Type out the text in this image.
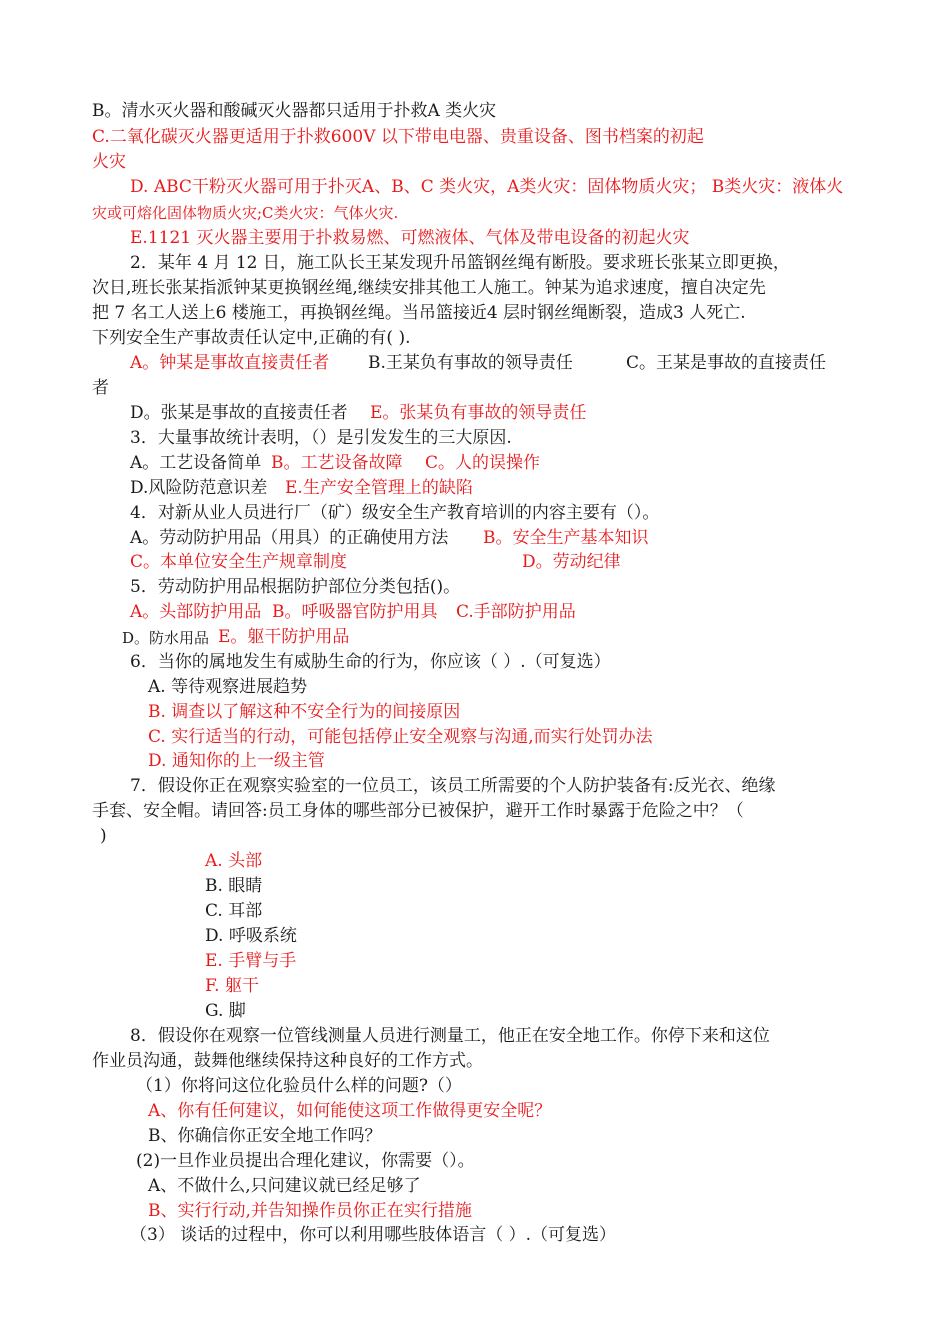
B。清水灭火器和酸碱灭火器都只适用于扑救A 类火灾
C.二氧化碳灭火器更适用于扑救600V 以下带电电器、贵重设备、图书档案的初起
火灾
D. ABC干粉灭火器可用于扑灭A、B、C 类火灾，A类火灾：固体物质火灾； B类火灾：液体火
灾或可熔化固体物质火灾;C类火灾：气体火灾.
E.1121 灭火器主要用于扑救易燃、可燃液体、气体及带电设备的初起火灾
2．某年 4 月 12 日，施工队长王某发现升吊篮钢丝绳有断股。要求班长张某立即更换，
次日,班长张某指派钟某更换钢丝绳,继续安排其他工人施工。钟某为追求速度，擅自决定先
把 7 名工人送上6 楼施工，再换钢丝绳。当吊篮接近4 层时钢丝绳断裂，造成3 人死亡.
下列安全生产事故责任认定中,正确的有( ).
A。钟某是事故直接责任者 B.王某负有事故的领导责任	C。王某是事故的直接责任
者
D。张某是事故的直接责任者 E。张某负有事故的领导责任
3．大量事故统计表明，（）是引发发生的三大原因.
A。工艺设备简单 B。工艺设备故障 C。人的误操作
D.风险防范意识差 E.生产安全管理上的缺陷
4．对新从业人员进行厂（矿）级安全生产教育培训的内容主要有（）。
A。劳动防护用品（用具）的正确使用方法 B。安全生产基本知识
C。本单位安全生产规章制度	D。劳动纪律
5．劳动防护用品根据防护部位分类包括()。
A。头部防护用品 B。呼吸器官防护用具 C.手部防护用品
D。防水用品 E。躯干防护用品
6．当你的属地发生有威胁生命的行为，你应该（ ）.（可复选）
A. 等待观察进展趋势
B. 调查以了解这种不安全行为的间接原因
C. 实行适当的行动，可能包括停止安全观察与沟通,而实行处罚办法
D. 通知你的上一级主管
7．假设你正在观察实验室的一位员工，该员工所需要的个人防护装备有:反光衣、绝缘
手套、安全帽。请回答:员工身体的哪些部分已被保护，避开工作时暴露于危险之中？（
)
A. 头部
B. 眼睛
C. 耳部
D. 呼吸系统
E. 手臂与手
F. 躯干
G. 脚
8．假设你在观察一位管线测量人员进行测量工，他正在安全地工作。你停下来和这位
作业员沟通，鼓舞他继续保持这种良好的工作方式。
（1）你将问这位化验员什么样的问题?（）
A、你有任何建议，如何能使这项工作做得更安全呢？
B、你确信你正安全地工作吗？
(2)一旦作业员提出合理化建议，你需要（）。
A、不做什么,只问建议就已经足够了
B、实行行动,并告知操作员你正在实行措施
（3） 谈话的过程中，你可以利用哪些肢体语言（ ）.（可复选）
